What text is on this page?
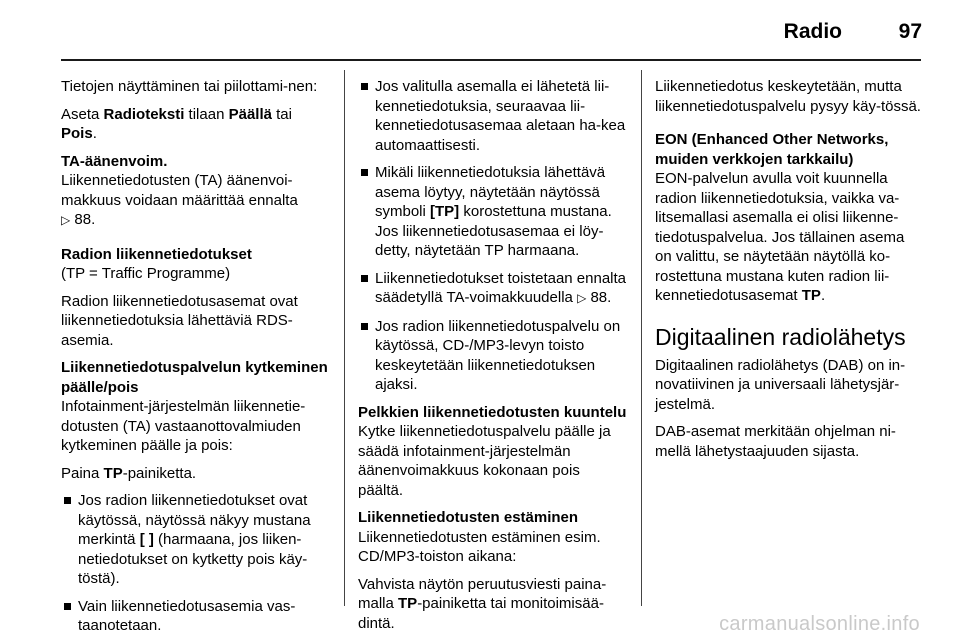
Radio	97

Tietojen näyttäminen tai piilottami-nen:

Aseta Radioteksti tilaan Päällä tai Pois.

TA-äänenvoim.

Liikennetiedotusten (TA) äänenvoi-makkuus voidaan määrittää ennalta
▷ 88.

Radion liikennetiedotukset

(TP = Traffic Programme)

Radion liikennetiedotusasemat ovat liikennetiedotuksia lähettäviä RDS-asemia.

Liikennetiedotuspalvelun kytkeminen päälle/pois

Infotainment-järjestelmän liikennetie-dotusten (TA) vastaanottovalmiuden kytkeminen päälle ja pois:

Paina TP-painiketta.

Jos radion liikennetiedotukset ovat käytössä, näytössä näkyy mustana merkintä [ ] (harmaana, jos liiken-netiedotukset on kytketty pois käy-töstä).
Vain liikennetiedotusasemia vas-taanotetaan.
Jos valitulla asemalla ei lähetetä lii-kennetiedotuksia, seuraavaa lii-kennetiedotusasemaa aletaan ha-kea automaattisesti.
Mikäli liikennetiedotuksia lähettävä asema löytyy, näytetään näytössä symboli [TP] korostettuna mustana. Jos liikennetiedotusasemaa ei löy-detty, näytetään TP harmaana.
Liikennetiedotukset toistetaan ennalta säädetyllä TA-voimakkuudella ▷ 88.
Jos radion liikennetiedotuspalvelu on käytössä, CD-/MP3-levyn toisto keskeytetään liikennetiedotuksen ajaksi.
Pelkkien liikennetiedotusten kuuntelu

Kytke liikennetiedotuspalvelu päälle ja säädä infotainment-järjestelmän äänenvoimakkuus kokonaan pois päältä.

Liikennetiedotusten estäminen

Liikennetiedotusten estäminen esim. CD/MP3-toiston aikana:

Vahvista näytön peruutusviesti paina-malla TP-painiketta tai monitoimisää-dintä.

Liikennetiedotus keskeytetään, mutta liikennetiedotuspalvelu pysyy käy-tössä.

EON (Enhanced Other Networks, muiden verkkojen tarkkailu)

EON-palvelun avulla voit kuunnella radion liikennetiedotuksia, vaikka va-litsemallasi asemalla ei olisi liikenne-tiedotuspalvelua. Jos tällainen asema on valittu, se näytetään näytöllä ko-rostettuna mustana kuten radion lii-kennetiedotusasemat TP.

Digitaalinen radiolähetys

Digitaalinen radiolähetys (DAB) on in-novatiivinen ja universaali lähetysjär-jestelmä.

DAB-asemat merkitään ohjelman ni-mellä lähetystaajuuden sijasta.

carmanualsonline.info
